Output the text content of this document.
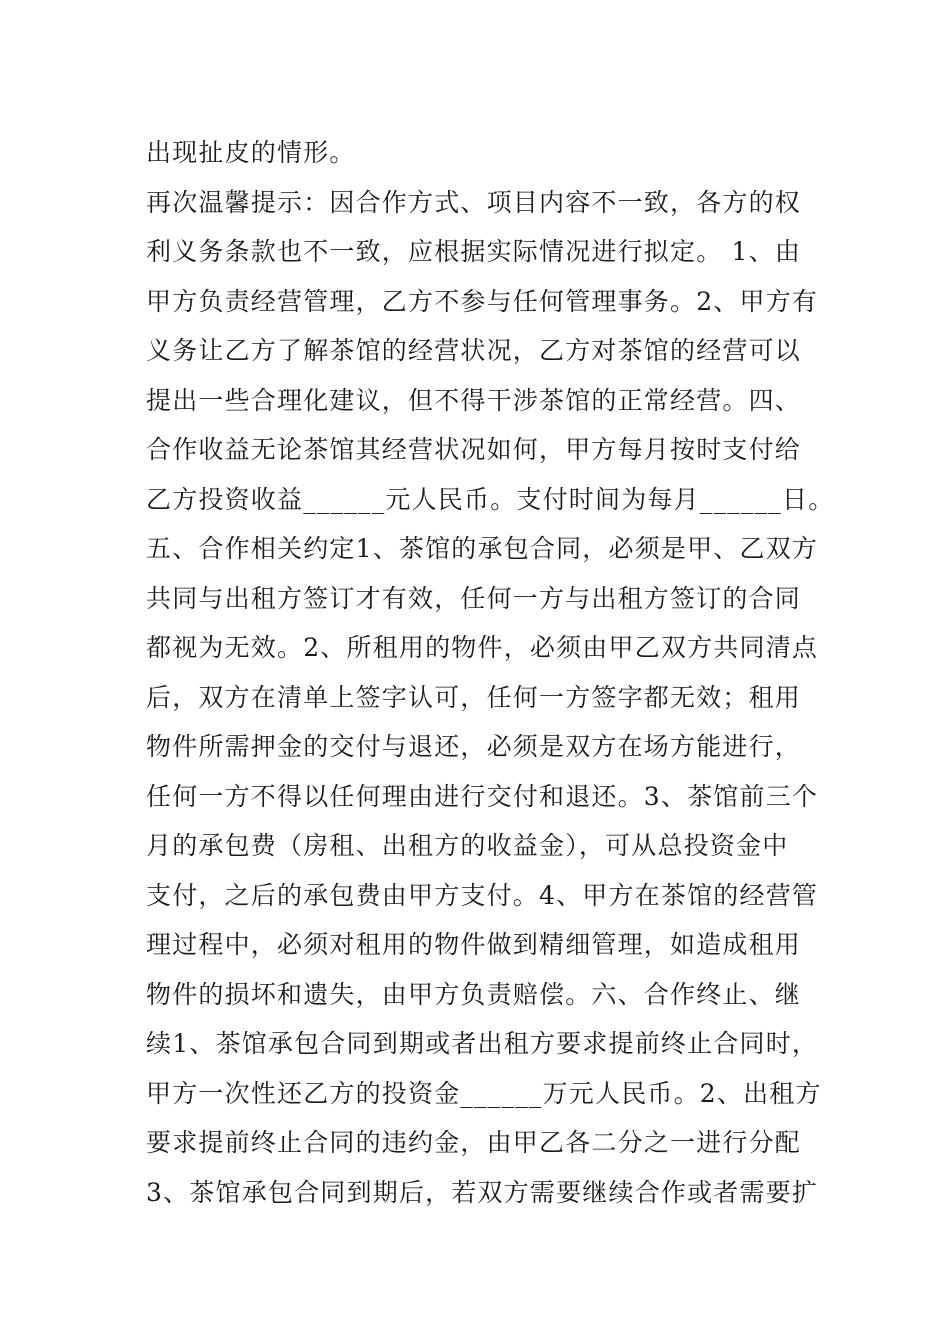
出现扯皮的情形。
再次温馨提示：因合作方式、项目内容不一致，各方的权
利义务条款也不一致，应根据实际情况进行拟定。 1、由
甲方负责经营管理，乙方不参与任何管理事务。2、甲方有
义务让乙方了解茶馆的经营状况，乙方对茶馆的经营可以
提出一些合理化建议，但不得干涉茶馆的正常经营。四、
合作收益无论茶馆其经营状况如何，甲方每月按时支付给
乙方投资收益______元人民币。支付时间为每月______日。
五、合作相关约定1、茶馆的承包合同，必须是甲、乙双方
共同与出租方签订才有效，任何一方与出租方签订的合同
都视为无效。2、所租用的物件，必须由甲乙双方共同清点
后，双方在清单上签字认可，任何一方签字都无效；租用
物件所需押金的交付与退还，必须是双方在场方能进行，
任何一方不得以任何理由进行交付和退还。3、茶馆前三个
月的承包费（房租、出租方的收益金），可从总投资金中
支付，之后的承包费由甲方支付。4、甲方在茶馆的经营管
理过程中，必须对租用的物件做到精细管理，如造成租用
物件的损坏和遗失，由甲方负责赔偿。六、合作终止、继
续1、茶馆承包合同到期或者出租方要求提前终止合同时，
甲方一次性还乙方的投资金______万元人民币。2、出租方
要求提前终止合同的违约金，由甲乙各二分之一进行分配
3、茶馆承包合同到期后，若双方需要继续合作或者需要扩
